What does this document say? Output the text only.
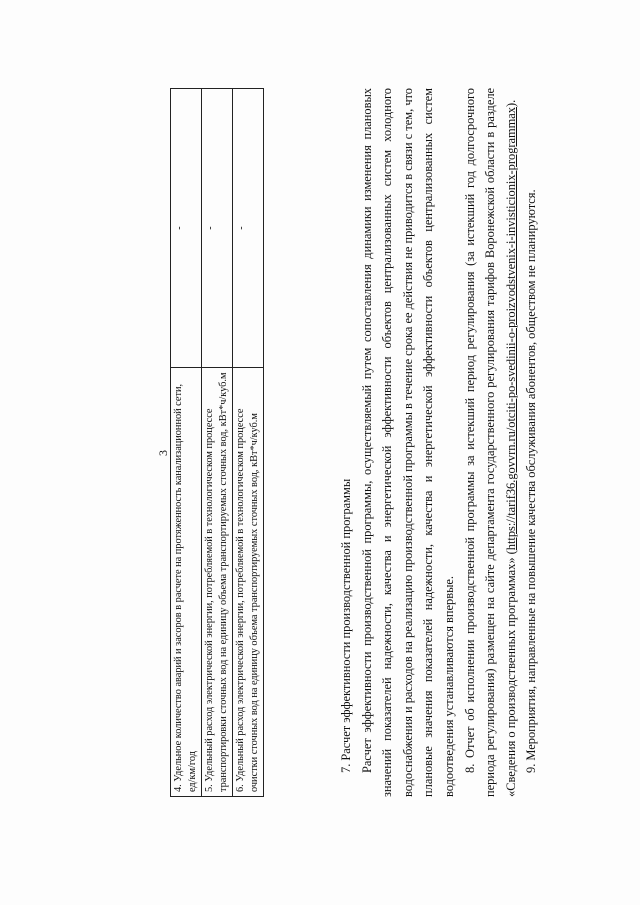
3 4. Удельное количество аварий и засоров в расчете на протяженность канализационной сети, ед/км/год	-
5. Удельный расход электрической энергии, потребляемой в технологическом процессе транспортировки сточных вод на единицу объема транспортируемых сточных вод, кВт*ч/куб.м	-
6. Удельный расход электрической энергии, потребляемой в технологическом процессе очистки сточных вод на единицу объема транспортируемых сточных вод, кВт*ч/куб.м	-

7. Расчет эффективности производственной программы Расчет эффективности производственной программы, осуществляемый путем сопоставления динамики изменения плановых значений показателей надежности, качества и энергетической эффективности объектов централизованных систем холодного водоснабжения и расходов на реализацию производственной программы в течение срока ее действия не приводится в связи с тем, что плановые значения показателей надежности, качества и энергетической эффективности объектов централизованных систем водоотведения устанавливаются впервые. 8. Отчет об исполнении производственной программы за истекший период регулирования (за истекший год долгосрочного периода регулирования) размещен на сайте департамента государственного регулирования тарифов Воронежской области в разделе «Сведения о производственных программах» (https://tarif36.govvrn.ru/otciti-po-svedinii-o-proizvodstvenix-i-invisticionix-programmax).

9. Мероприятия, направленные на повышение качества обслуживания абонентов, обществом не планируются.
